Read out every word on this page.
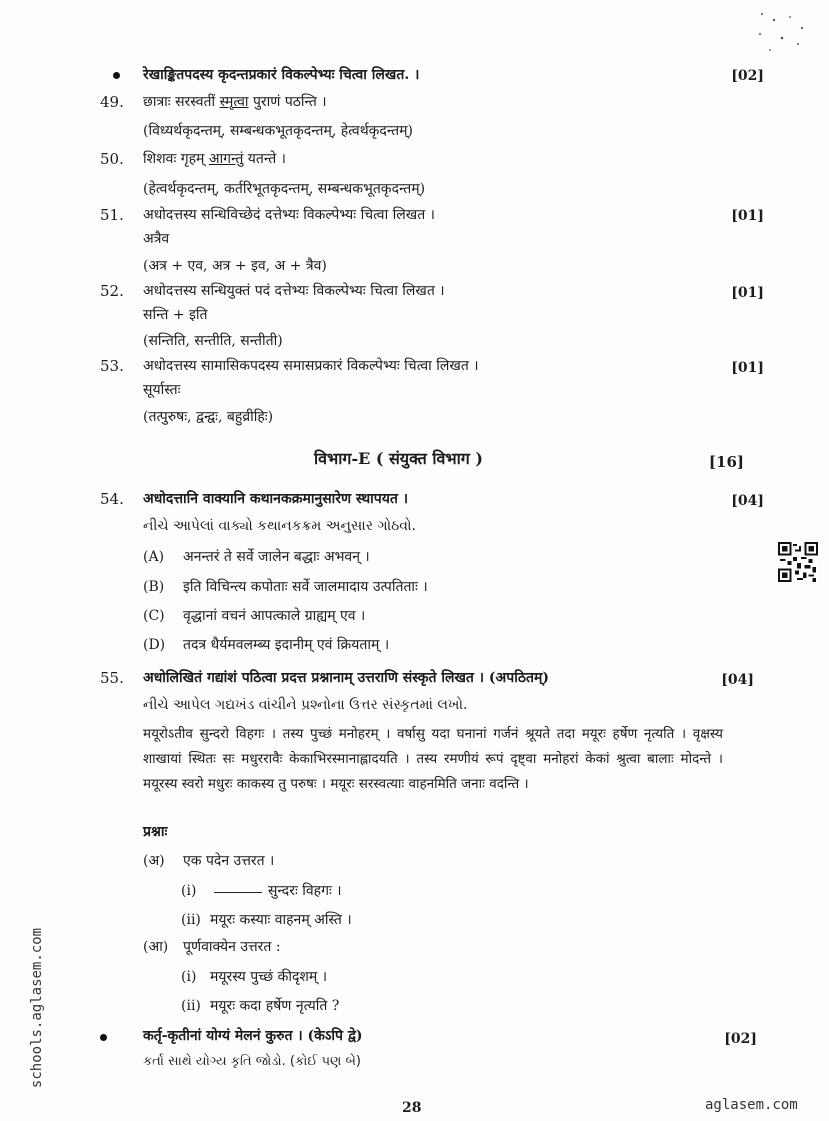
रेखाङ्कितपदस्य कृदन्तप्रकारं विकल्पेभ्यः चित्वा लिखत. ।	[02]
49. छात्राः सरस्वतीं स्मृत्वा पुराणं पठन्ति ।
(विध्यर्थकृदन्तम्, सम्बन्धकभूतकृदन्तम्, हेत्वर्थकृदन्तम्)
50. शिशवः गृहम् आगन्तुं यतन्ते ।
(हेत्वर्थकृदन्तम्, कर्तरिभूतकृदन्तम्, सम्बन्धकभूतकृदन्तम्)
51. अधोदत्तस्य सन्धिविच्छेदं दत्तेभ्यः विकल्पेभ्यः चित्वा लिखत ।	[01]
अत्रैव
(अत्र + एव, अत्र + इव, अ + त्रैव)
52. अधोदत्तस्य सन्धियुक्तं पदं दत्तेभ्यः विकल्पेभ्यः चित्वा लिखत ।	[01]
सन्ति + इति
(सन्तिति, सन्तीति, सन्तीती)
53. अधोदत्तस्य सामासिकपदस्य समासप्रकारं विकल्पेभ्यः चित्वा लिखत ।	[01]
सूर्यास्तः
(तत्पुरुषः, द्वन्द्वः, बहुव्रीहिः)
विभाग-E ( संयुक्त विभाग )	[16]
54. अधोदत्तानि वाक्यानि कथानकक्रमानुसारेण स्थापयत ।	[04]
નીચે આપેલાં વાક્યો કથાનકક્રમ અનુસાર ગોઠવો.
(A) अनन्तरं ते सर्वे जालेन बद्धाः अभवन् ।
(B) इति विचिन्त्य कपोताः सर्वे जालमादाय उत्पतिताः ।
(C) वृद्धानां वचनं आपत्काले ग्राह्यम् एव ।
(D) तदत्र धैर्यमवलम्ब्य इदानीम् एवं क्रियताम् ।
55. अधोलिखितं गद्यांशं पठित्वा प्रदत्त प्रश्नानाम् उत्तराणि संस्कृते लिखत । (अपठितम्)	[04]
નીચે આપેલ ગદ્યખંડ વાંચીને પ્રશ્નોના ઉત્તર સંસ્કૃતમાં લખો.
मयूरोऽतीव सुन्दरो विहगः । तस्य पुच्छं मनोहरम् । वर्षासु यदा घनानां गर्जनं श्रूयते तदा मयूरः हर्षेण नृत्यति । वृक्षस्य शाखायां स्थितः सः मधुररावैः केकाभिरस्मानाह्लादयति । तस्य रमणीयं रूपं दृष्ट्वा मनोहरां केकां श्रुत्वा बालाः मोदन्ते । मयूरस्य स्वरो मधुरः काकस्य तु परुषः । मयूरः सरस्वत्याः वाहनमिति जनाः वदन्ति ।
प्रश्नाः
(अ) एक पदेन उत्तरत ।
(i)	सुन्दरः विहगः ।
(ii) मयूरः कस्याः वाहनम् अस्ति ।
(आ) पूर्णवाक्येन उत्तरत :
(i) मयूरस्य पुच्छं कीदृशम् ।
(ii) मयूरः कदा हर्षेण नृत्यति ?
कर्तृ-कृतीनां योग्यं मेलनं कुरुत । (केऽपि द्वे)	[02]
કર્તા સાથે યોગ્ય કૃતિ જોડો. (કોઈ પણ બે)
28
schools.aglasem.com
aglasem.com
